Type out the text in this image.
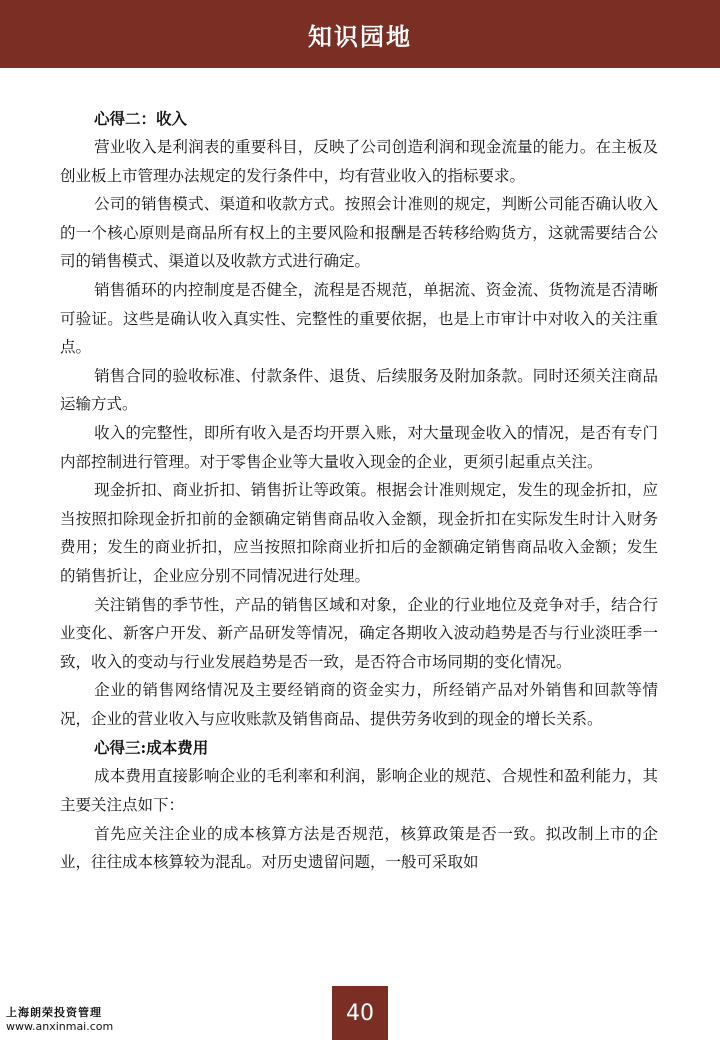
知识园地
心得二：收入

营业收入是利润表的重要科目，反映了公司创造利润和现金流量的能力。在主板及创业板上市管理办法规定的发行条件中，均有营业收入的指标要求。

公司的销售模式、渠道和收款方式。按照会计准则的规定，判断公司能否确认收入的一个核心原则是商品所有权上的主要风险和报酬是否转移给购货方，这就需要结合公司的销售模式、渠道以及收款方式进行确定。

销售循环的内控制度是否健全，流程是否规范，单据流、资金流、货物流是否清晰可验证。这些是确认收入真实性、完整性的重要依据，也是上市审计中对收入的关注重点。

销售合同的验收标准、付款条件、退货、后续服务及附加条款。同时还须关注商品运输方式。

收入的完整性，即所有收入是否均开票入账，对大量现金收入的情况，是否有专门内部控制进行管理。对于零售企业等大量收入现金的企业，更须引起重点关注。

现金折扣、商业折扣、销售折让等政策。根据会计准则规定，发生的现金折扣，应当按照扣除现金折扣前的金额确定销售商品收入金额，现金折扣在实际发生时计入财务费用；发生的商业折扣，应当按照扣除商业折扣后的金额确定销售商品收入金额；发生的销售折让，企业应分别不同情况进行处理。

关注销售的季节性，产品的销售区域和对象，企业的行业地位及竞争对手，结合行业变化、新客户开发、新产品研发等情况，确定各期收入波动趋势是否与行业淡旺季一致，收入的变动与行业发展趋势是否一致，是否符合市场同期的变化情况。

企业的销售网络情况及主要经销商的资金实力，所经销产品对外销售和回款等情况，企业的营业收入与应收账款及销售商品、提供劳务收到的现金的增长关系。

心得三:成本费用

成本费用直接影响企业的毛利率和利润，影响企业的规范、合规性和盈利能力，其主要关注点如下：

首先应关注企业的成本核算方法是否规范，核算政策是否一致。拟改制上市的企业，往往成本核算较为混乱。对历史遗留问题，一般可采取如

上海朗荣投资管理
www.anxinmai.com
40
